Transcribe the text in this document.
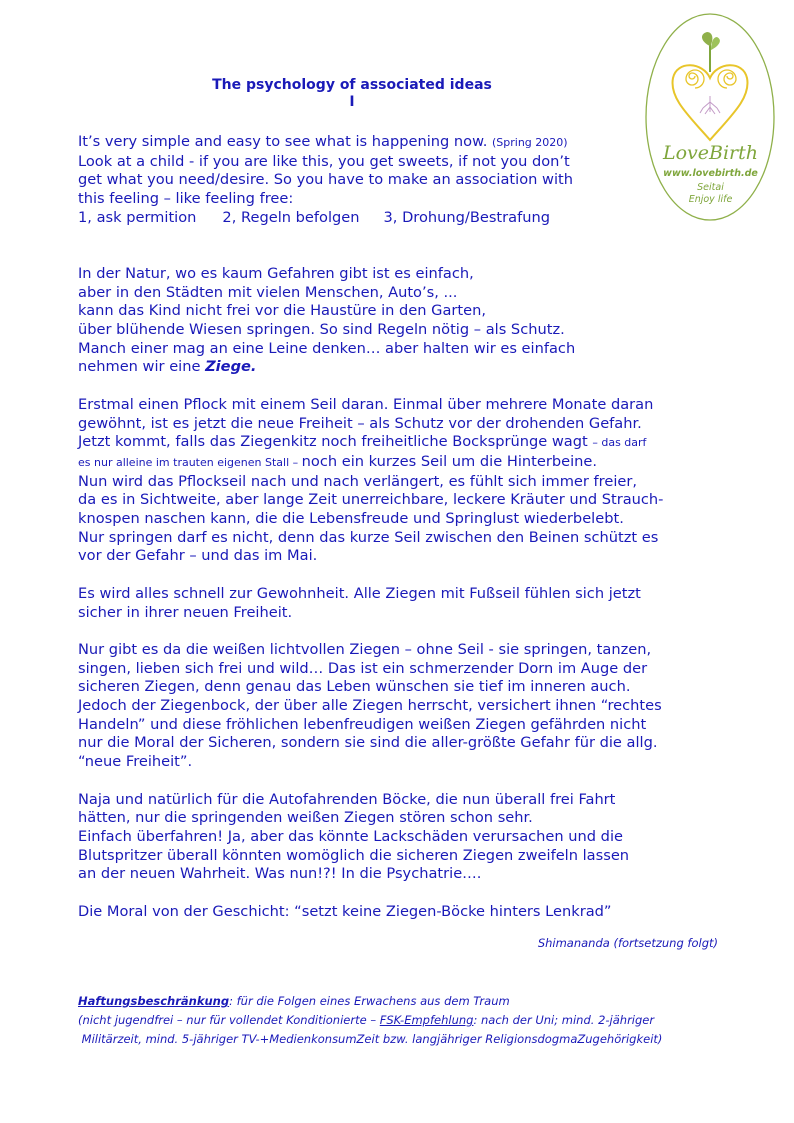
The psychology of associated ideas
I
LoveBirth
www.lovebirth.de
Seitai
Enjoy life
It’s very simple and easy to see what is happening now. (Spring 2020)
Look at a child - if you are like this, you get sweets, if not you don’t
get what you need/desire. So you have to make an association with
this feeling – like feeling free:
1, ask permition 2, Regeln befolgen 3, Drohung/Bestrafung
In der Natur, wo es kaum Gefahren gibt ist es einfach,
aber in den Städten mit vielen Menschen, Auto’s, ...
kann das Kind nicht frei vor die Haustüre in den Garten,
über blühende Wiesen springen. So sind Regeln nötig – als Schutz.
Manch einer mag an eine Leine denken… aber halten wir es einfach
nehmen wir eine Ziege.
Erstmal einen Pflock mit einem Seil daran. Einmal über mehrere Monate daran
gewöhnt, ist es jetzt die neue Freiheit – als Schutz vor der drohenden Gefahr.
Jetzt kommt, falls das Ziegenkitz noch freiheitliche Bocksprünge wagt – das darf
es nur alleine im trauten eigenen Stall – noch ein kurzes Seil um die Hinterbeine.
Nun wird das Pflockseil nach und nach verlängert, es fühlt sich immer freier,
da es in Sichtweite, aber lange Zeit unerreichbare, leckere Kräuter und Strauch-
knospen naschen kann, die die Lebensfreude und Springlust wiederbelebt.
Nur springen darf es nicht, denn das kurze Seil zwischen den Beinen schützt es
vor der Gefahr – und das im Mai.
Es wird alles schnell zur Gewohnheit. Alle Ziegen mit Fußseil fühlen sich jetzt
sicher in ihrer neuen Freiheit.
Nur gibt es da die weißen lichtvollen Ziegen – ohne Seil - sie springen, tanzen,
singen, lieben sich frei und wild… Das ist ein schmerzender Dorn im Auge der
sicheren Ziegen, denn genau das Leben wünschen sie tief im inneren auch.
Jedoch der Ziegenbock, der über alle Ziegen herrscht, versichert ihnen “rechtes
Handeln” und diese fröhlichen lebenfreudigen weißen Ziegen gefährden nicht
nur die Moral der Sicheren, sondern sie sind die aller-größte Gefahr für die allg.
“neue Freiheit”.
Naja und natürlich für die Autofahrenden Böcke, die nun überall frei Fahrt
hätten, nur die springenden weißen Ziegen stören schon sehr.
Einfach überfahren! Ja, aber das könnte Lackschäden verursachen und die
Blutspritzer überall könnten womöglich die sicheren Ziegen zweifeln lassen
an der neuen Wahrheit. Was nun!?! In die Psychatrie….
Die Moral von der Geschicht: “setzt keine Ziegen-Böcke hinters Lenkrad”
Shimananda (fortsetzung folgt)
Haftungsbeschränkung: für die Folgen eines Erwachens aus dem Traum
(nicht jugendfrei – nur für vollendet Konditionierte – FSK-Empfehlung: nach der Uni; mind. 2-jähriger
Militärzeit, mind. 5-jähriger TV-+MedienkonsumZeit bzw. langjähriger ReligionsdogmaZugehörigkeit)
